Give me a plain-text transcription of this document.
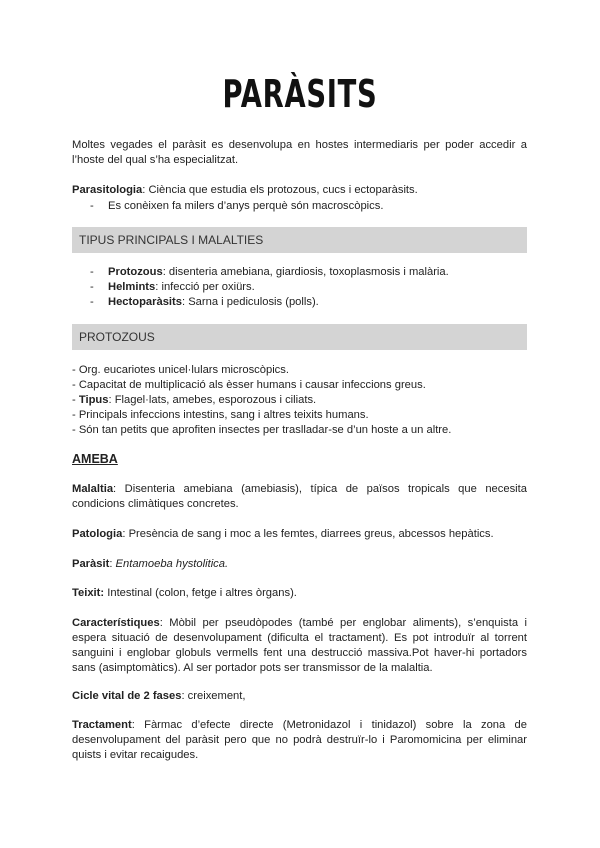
PARÀSITS
Moltes vegades el paràsit es desenvolupa en hostes intermediaris per poder accedir a l’hoste del qual s’ha especialitzat.
Parasitologia: Ciència que estudia els protozous, cucs i ectoparàsits.
- Es conèixen fa milers d’anys perquè són macroscòpics.
TIPUS PRINCIPALS I MALALTIES
- Protozous: disenteria amebiana, giardiosis, toxoplasmosis i malària.
- Helmints: infecció per oxiürs.
- Hectoparàsits: Sarna i pediculosis (polls).
PROTOZOUS
- Org. eucariotes unicel·lulars microscòpics.
- Capacitat de multiplicació als èsser humans i causar infeccions greus.
- Tipus: Flagel·lats, amebes, esporozous i ciliats.
- Principals infeccions intestins, sang i altres teixits humans.
- Són tan petits que aprofiten insectes per traslladar-se d’un hoste a un altre.
AMEBA
Malaltia: Disenteria amebiana (amebiasis), típica de països tropicals que necesita condicions climàtiques concretes.
Patologia: Presència de sang i moc a les femtes, diarrees greus, abcessos hepàtics.
Paràsit: Entamoeba hystolitica.
Teixit: Intestinal (colon, fetge i altres òrgans).
Característiques: Mòbil per pseudòpodes (també per englobar aliments), s’enquista i espera situació de desenvolupament (dificulta el tractament). Es pot introduïr al torrent sanguini i englobar globuls vermells fent una destrucció massiva.Pot haver-hi portadors sans (asimptomàtics). Al ser portador pots ser transmissor de la malaltia.
Cicle vital de 2 fases: creixement,
Tractament: Fàrmac d’efecte directe (Metronidazol i tinidazol) sobre la zona de desenvolupament del paràsit pero que no podrà destruïr-lo i Paromomicina per eliminar quists i evitar recaigudes.
